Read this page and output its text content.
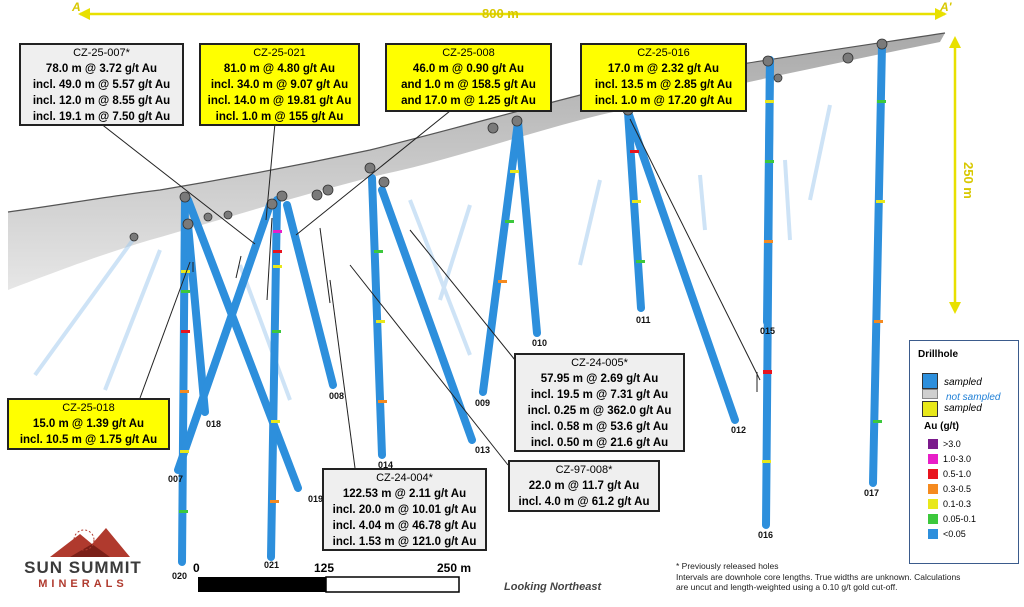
A	A'
800 m
250 m
0	125	250 m
Looking Northeast
CZ-25-007*
78.0 m @ 3.72 g/t Au
incl. 49.0 m @ 5.57 g/t Au
incl. 12.0 m @ 8.55 g/t Au
incl. 19.1 m @ 7.50 g/t Au
CZ-25-021
81.0 m @ 4.80 g/t Au
incl. 34.0 m @ 9.07 g/t Au
incl. 14.0 m @ 19.81 g/t Au
incl. 1.0 m @ 155 g/t Au
CZ-25-008
46.0 m @ 0.90 g/t Au
and 1.0 m @ 158.5 g/t Au
and 17.0 m @ 1.25 g/t Au
CZ-25-016
17.0 m @ 2.32 g/t Au
incl. 13.5 m @ 2.85 g/t Au
incl. 1.0 m @ 17.20 g/t Au
CZ-25-018
15.0 m @ 1.39 g/t Au
incl. 10.5 m @ 1.75 g/t Au
CZ-24-005*
57.95 m @ 2.69 g/t Au
incl. 19.5 m @ 7.31 g/t Au
incl. 0.25 m @ 362.0 g/t Au
incl. 0.58 m @ 53.6 g/t Au
incl. 0.50 m @ 21.6 g/t Au
CZ-97-008*
22.0 m @ 11.7 g/t Au
incl. 4.0 m @ 61.2 g/t Au
CZ-24-004*
122.53 m @ 2.11 g/t Au
incl. 20.0 m @ 10.01 g/t Au
incl. 4.04 m @ 46.78 g/t Au
incl. 1.53 m @ 121.0 g/t Au
007
008
009
010
011
012
013
014
015
016
017
018
019
020
021
Drillhole
sampled
not sampled
sampled
Au (g/t)
>3.0
1.0-3.0
0.5-1.0
0.3-0.5
0.1-0.3
0.05-0.1
<0.05
* Previously released holes
Intervals are downhole core lengths. True widths are unknown. Calculations
are uncut and length-weighted using a 0.10 g/t gold cut-off.
SUN SUMMIT
MINERALS
